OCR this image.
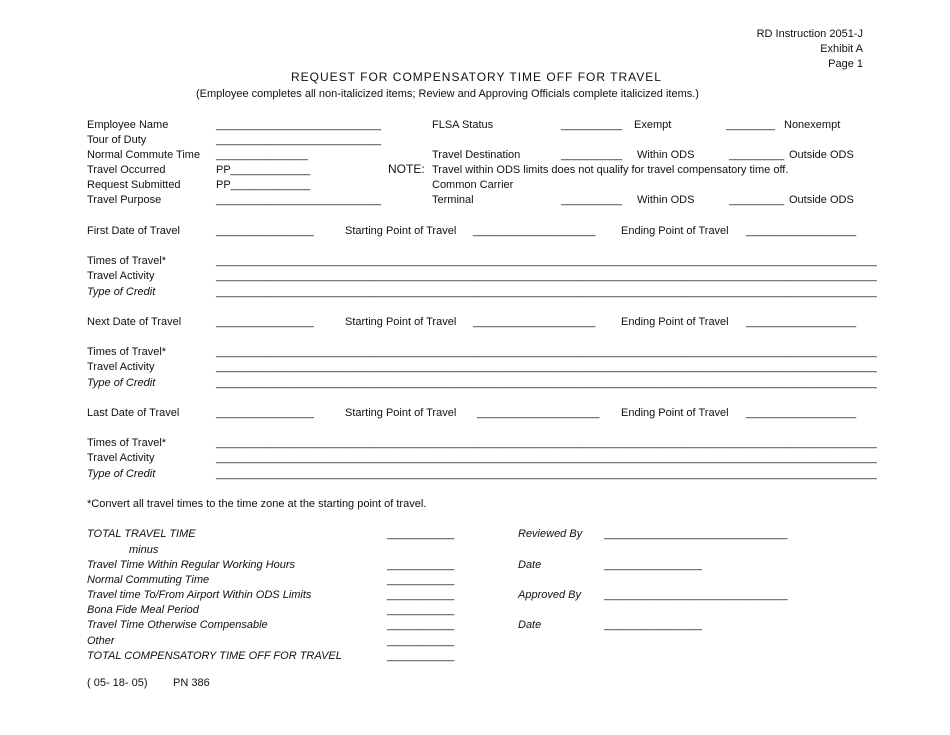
RD Instruction 2051-J
Exhibit A
Page 1
REQUEST FOR COMPENSATORY TIME OFF FOR TRAVEL
(Employee completes all non-italicized items; Review and Approving Officials complete italicized items.)
Employee Name	___________________________
Tour of Duty	___________________________
Normal Commute Time _______________
Travel Occurred	PP_____________
Request Submitted	PP_____________
Travel Purpose	___________________________
FLSA Status	__________ Exempt	________ Nonexempt
Travel Destination	__________ Within ODS	_________ Outside ODS
NOTE: Travel within ODS limits does not qualify for travel compensatory time off.
Common Carrier
Terminal	__________ Within ODS	_________ Outside ODS
First Date of Travel	________________	Starting Point of Travel ____________________ Ending Point of Travel __________________
Times of Travel*	____________________________________________________________________________________________________________
Travel Activity	____________________________________________________________________________________________________________
Type of Credit	____________________________________________________________________________________________________________
Next Date of Travel	________________	Starting Point of Travel ____________________ Ending Point of Travel __________________
Times of Travel*	____________________________________________________________________________________________________________
Travel Activity	____________________________________________________________________________________________________________
Type of Credit	____________________________________________________________________________________________________________
Last Date of Travel	________________	Starting Point of Travel ____________________ Ending Point of Travel __________________
Times of Travel*	____________________________________________________________________________________________________________
Travel Activity	____________________________________________________________________________________________________________
Type of Credit	____________________________________________________________________________________________________________
*Convert all travel times to the time zone at the starting point of travel.
TOTAL TRAVEL TIME	___________
minus
Travel Time Within Regular Working Hours	___________
Normal Commuting Time	___________
Travel time To/From Airport Within ODS Limits	___________
Bona Fide Meal Period	___________
Travel Time Otherwise Compensable	___________
Other	___________
TOTAL COMPENSATORY TIME OFF FOR TRAVEL	___________
Reviewed By ______________________________
Date	________________
Approved By ______________________________
Date	________________
( 05- 18- 05) PN 386
